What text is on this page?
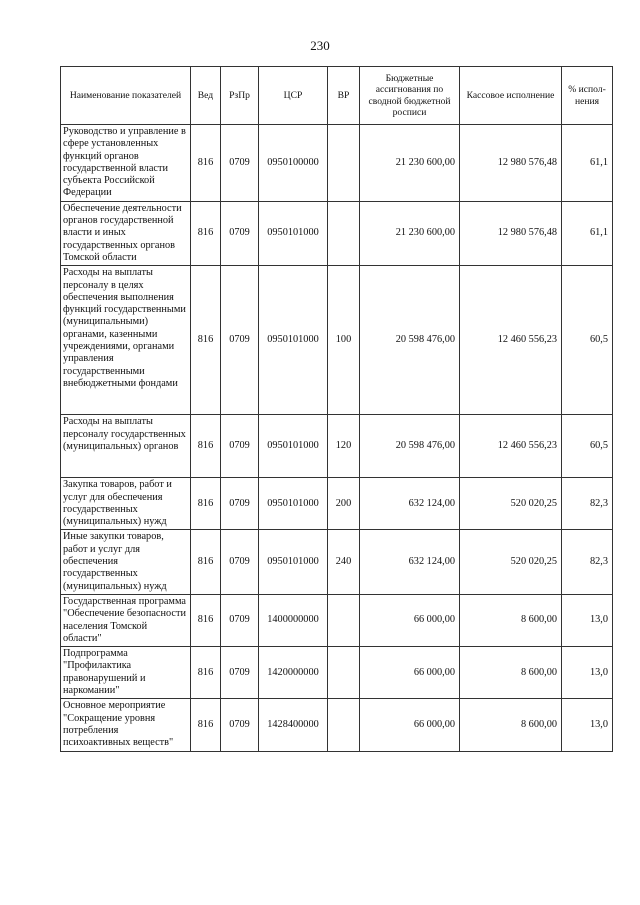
230
Наименование показателей	Вед	РзПр	ЦСР	ВР	Бюджетные ассигнования по сводной бюджетной росписи	Кассовое исполнение	% испол-нения
Руководство и управление в сфере установленных функций органов государственной власти субъекта Российской Федерации	816	0709	0950100000		21 230 600,00	12 980 576,48	61,1
Обеспечение деятельности органов государственной власти и иных государственных органов Томской области	816	0709	0950101000		21 230 600,00	12 980 576,48	61,1
Расходы на выплаты персоналу в целях обеспечения выполнения функций государственными (муниципальными) органами, казенными учреждениями, органами управления государственными внебюджетными фондами	816	0709	0950101000	100	20 598 476,00	12 460 556,23	60,5
Расходы на выплаты персоналу государственных (муниципальных) органов	816	0709	0950101000	120	20 598 476,00	12 460 556,23	60,5
Закупка товаров, работ и услуг для обеспечения государственных (муниципальных) нужд	816	0709	0950101000	200	632 124,00	520 020,25	82,3
Иные закупки товаров, работ и услуг для обеспечения государственных (муниципальных) нужд	816	0709	0950101000	240	632 124,00	520 020,25	82,3
Государственная программа "Обеспечение безопасности населения Томской области"	816	0709	1400000000		66 000,00	8 600,00	13,0
Подпрограмма "Профилактика правонарушений и наркомании"	816	0709	1420000000		66 000,00	8 600,00	13,0
Основное мероприятие "Сокращение уровня потребления психоактивных веществ"	816	0709	1428400000		66 000,00	8 600,00	13,0
